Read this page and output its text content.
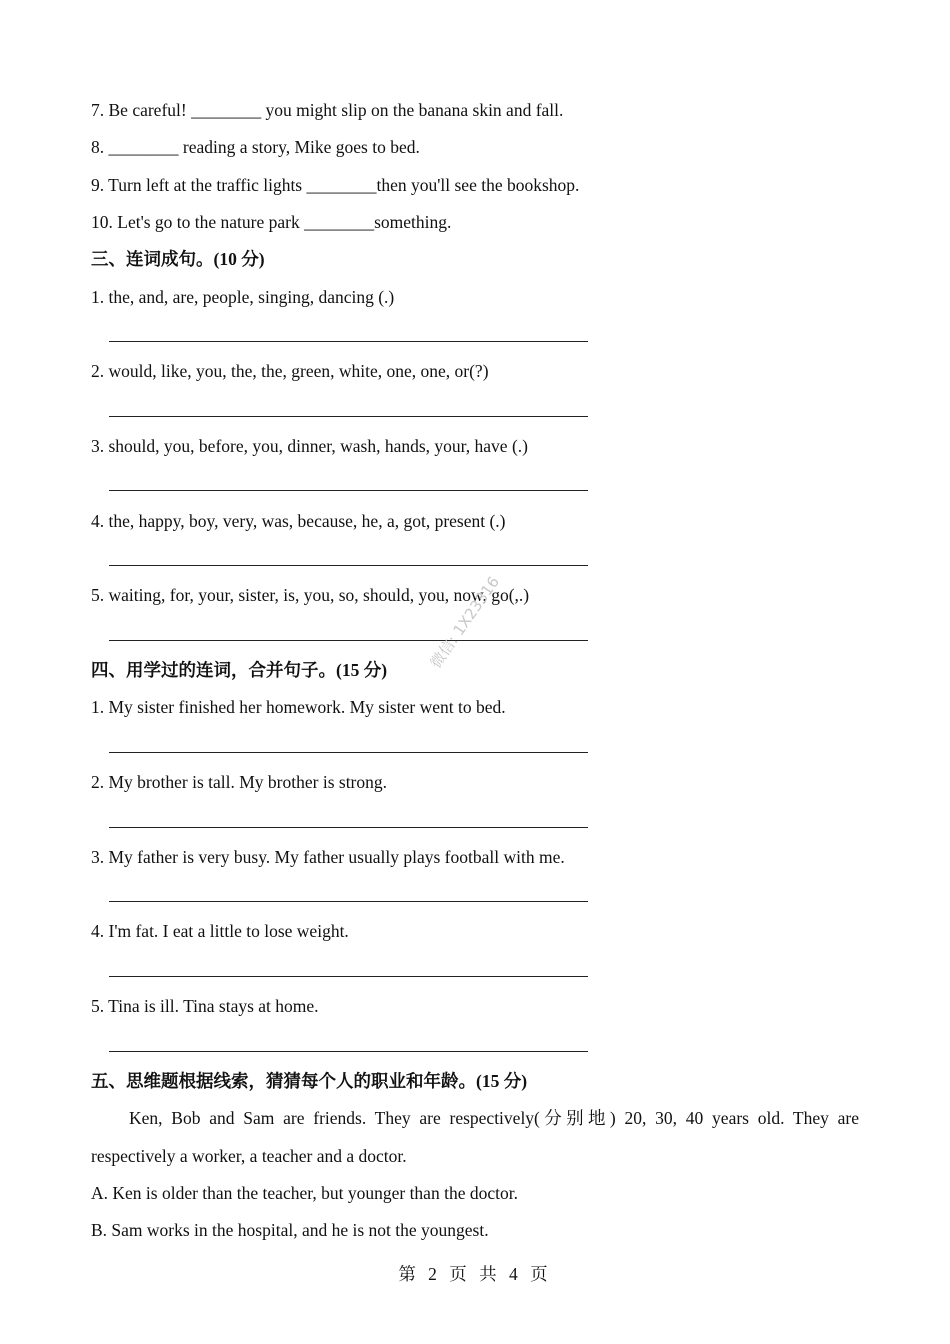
7. Be careful! ________ you might slip on the banana skin and fall.
8. ________ reading a story, Mike goes to bed.
9. Turn left at the traffic lights ________then you'll see the bookshop.
10. Let's go to the nature park ________something.
三、连词成句。(10 分)
1. the, and, are, people, singing, dancing (.)
2. would, like, you, the, the, green, white, one, one, or(?)
3. should, you, before, you, dinner, wash, hands, your, have (.)
4. the, happy, boy, very, was, because, he, a, got, present (.)
5. waiting, for, your, sister, is, you, so, should, you, now, go(,.)
四、用学过的连词，合并句子。(15 分)
1. My sister finished her homework. My sister went to bed.
2. My brother is tall. My brother is strong.
3. My father is very busy. My father usually plays football with me.
4. I'm fat. I eat a little to lose weight.
5. Tina is ill. Tina stays at home.
五、思维题根据线索，猜猜每个人的职业和年龄。(15 分)
Ken, Bob and Sam are friends. They are respectively(分别地) 20, 30, 40 years old. They are
respectively a worker, a teacher and a doctor.
A. Ken is older than the teacher, but younger than the doctor.
B. Sam works in the hospital, and he is not the youngest.
微信: 1X23316
第 2 页 共 4 页
